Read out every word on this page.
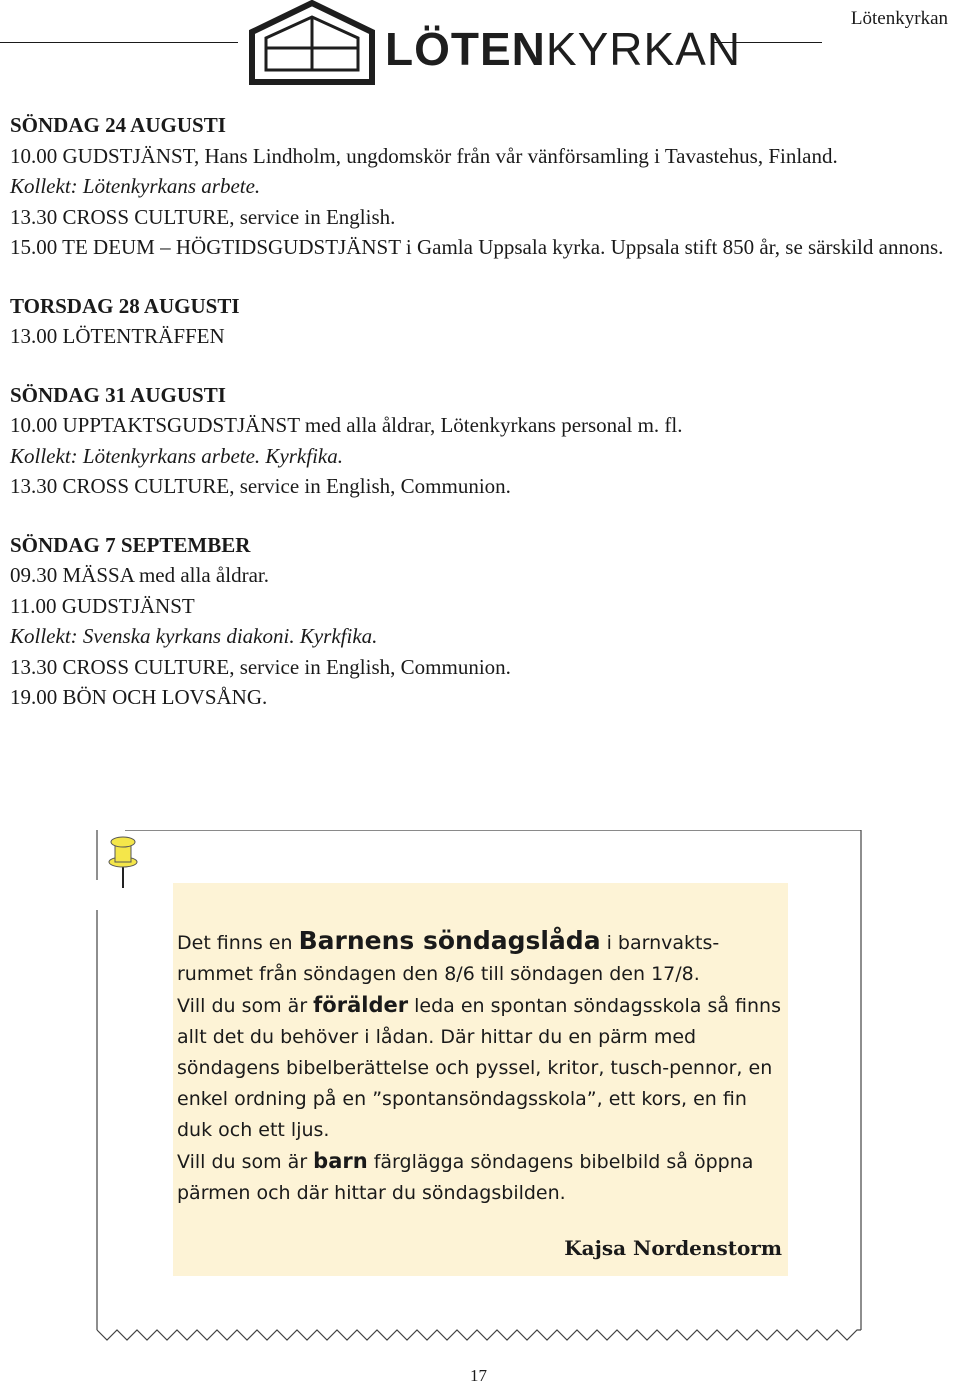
LÖTENKYRKAN
Lötenkyrkan
SÖNDAG 24 AUGUSTI
10.00 GUDSTJÄNST, Hans Lindholm, ungdomskör från vår vänförsamling i Tavastehus, Finland.
Kollekt: Lötenkyrkans arbete.
13.30 CROSS CULTURE, service in English.
15.00 TE DEUM – HÖGTIDSGUDSTJÄNST i Gamla Uppsala kyrka. Uppsala stift 850 år, se särskild annons.
TORSDAG 28 AUGUSTI
13.00 LÖTENTRÄFFEN
SÖNDAG 31 AUGUSTI
10.00 UPPTAKTSGUDSTJÄNST med alla åldrar, Lötenkyrkans personal m. fl.
Kollekt: Lötenkyrkans arbete. Kyrkfika.
13.30 CROSS CULTURE, service in English, Communion.
SÖNDAG 7 SEPTEMBER
09.30 MÄSSA med alla åldrar.
11.00 GUDSTJÄNST
Kollekt: Svenska kyrkans diakoni. Kyrkfika.
13.30 CROSS CULTURE, service in English, Communion.
19.00 BÖN OCH LOVSÅNG.

Det finns en Barnens söndagslåda i barnvakts-rummet från söndagen den 8/6 till söndagen den 17/8.

Vill du som är förälder leda en spontan söndagsskola så finns allt det du behöver i lådan. Där hittar du en pärm med söndagens bibelberättelse och pyssel, kritor, tusch-pennor, en enkel ordning på en ”spontansöndagsskola”, ett kors, en fin duk och ett ljus.

Vill du som är barn färglägga söndagens bibelbild så öppna pärmen och där hittar du söndagsbilden.

Kajsa Nordenstorm
17
